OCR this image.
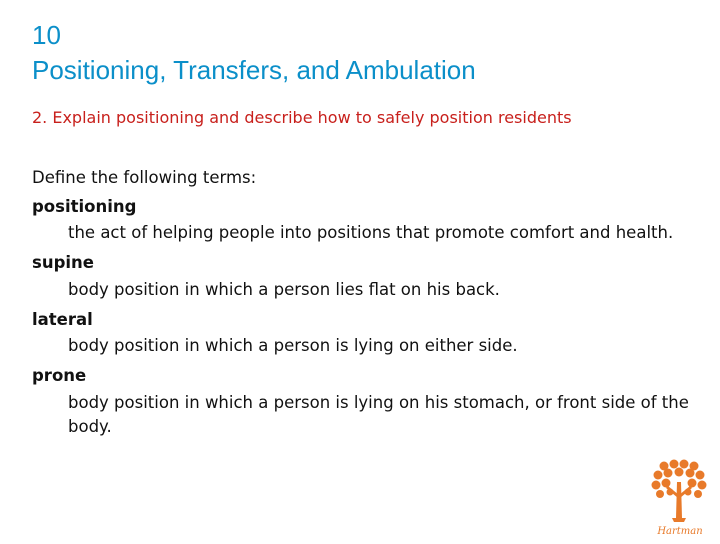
10
Positioning, Transfers, and Ambulation
2. Explain positioning and describe how to safely position residents
Define the following terms:
positioning
the act of helping people into positions that promote comfort and health.
supine
body position in which a person lies flat on his back.
lateral
body position in which a person is lying on either side.
prone
body position in which a person is lying on his stomach, or front side of the body.
Hartman
